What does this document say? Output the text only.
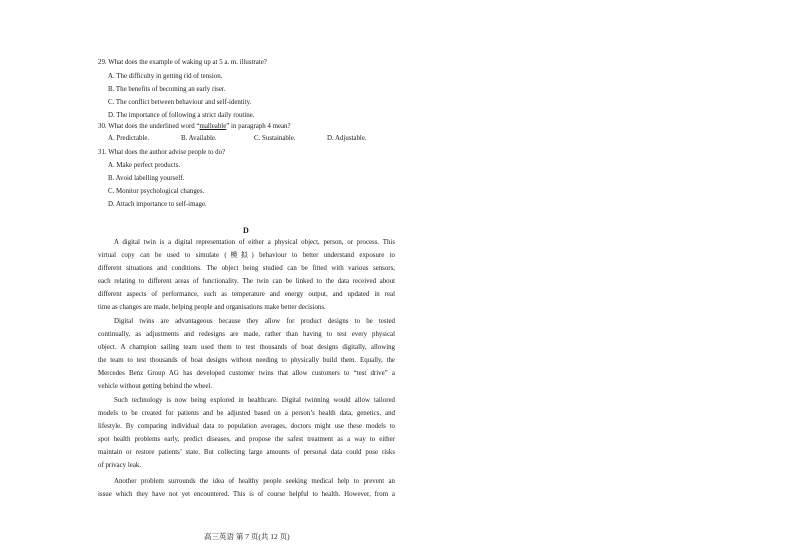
29. What does the example of waking up at 5 a. m. illustrate?
A. The difficulty in getting rid of tension.
B. The benefits of becoming an early riser.
C. The conflict between behaviour and self-identity.
D. The importance of following a strict daily routine.
30. What does the underlined word “malleable” in paragraph 4 mean?
A. Predictable.	B. Available.	C. Sustainable.	D. Adjustable.
31. What does the author advise people to do?
A. Make perfect products.
B. Avoid labelling yourself.
C. Monitor psychological changes.
D. Attach importance to self-image.
D
A digital twin is a digital representation of either a physical object, person, or process. This
virtual copy can be used to simulate (模拟) behaviour to better understand exposure to
different situations and conditions. The object being studied can be fitted with various sensors,
each relating to different areas of functionality. The twin can be linked to the data received about
different aspects of performance, such as temperature and energy output, and updated in real
time as changes are made, helping people and organisations make better decisions.
Digital twins are advantageous because they allow for product designs to be tested
continually, as adjustments and redesigns are made, rather than having to test every physical
object. A champion sailing team used them to test thousands of boat designs digitally, allowing
the team to test thousands of boat designs without needing to physically build them. Equally, the
Mercedes Benz Group AG has developed customer twins that allow customers to “test drive” a
vehicle without getting behind the wheel.
Such technology is now being explored in healthcare. Digital twinning would allow tailored
models to be created for patients and be adjusted based on a person’s health data, genetics, and
lifestyle. By comparing individual data to population averages, doctors might use these models to
spot health problems early, predict diseases, and propose the safest treatment as a way to either
maintain or restore patients’ state. But collecting large amounts of personal data could pose risks
of privacy leak.
Another problem surrounds the idea of healthy people seeking medical help to prevent an
issue which they have not yet encountered. This is of course helpful to health. However, from a
高三英语 第 7 页(共 12 页)
